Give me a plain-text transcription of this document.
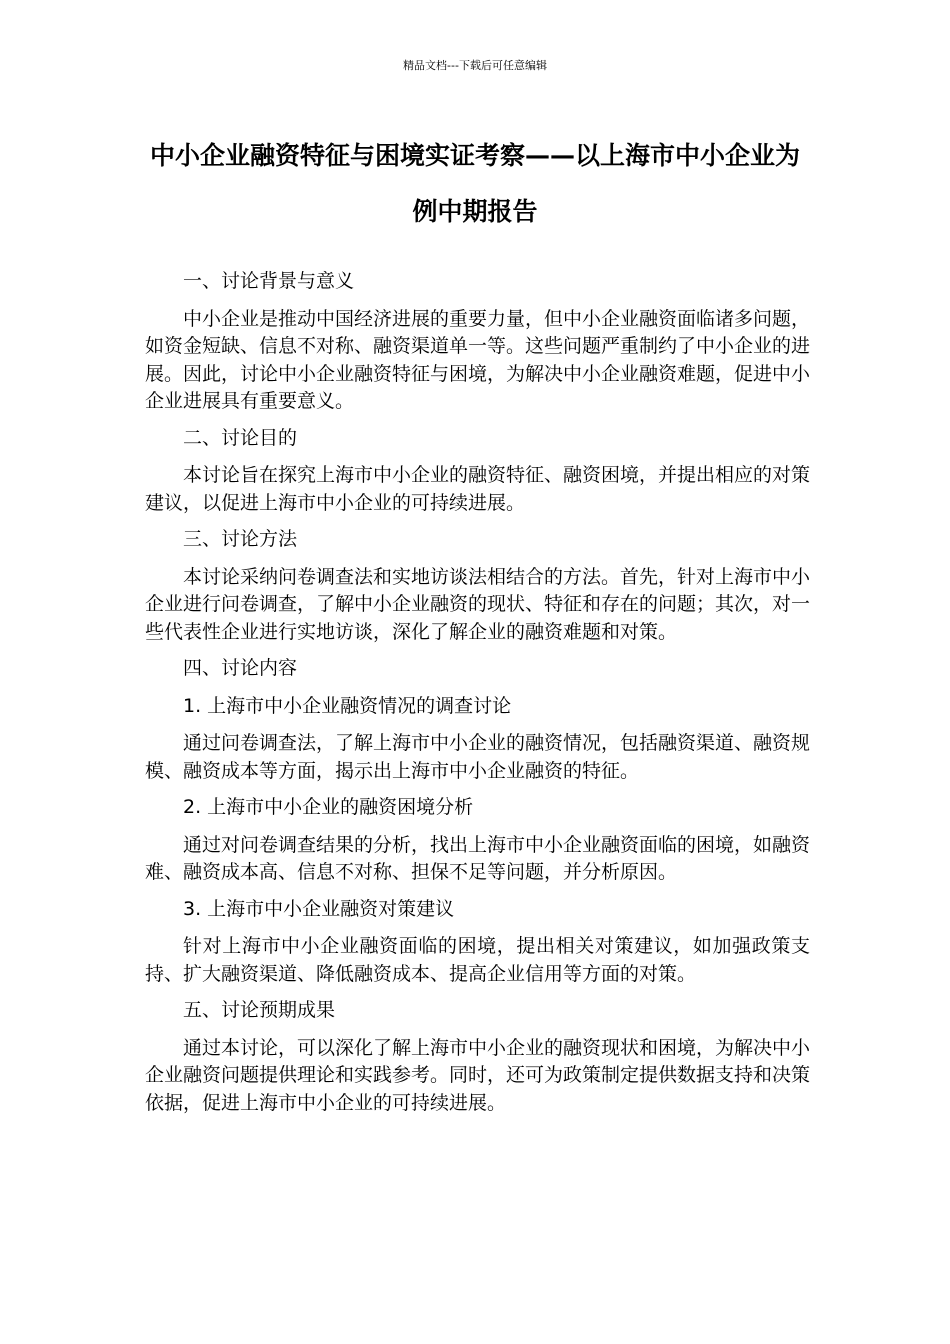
精品文档---下载后可任意编辑
中小企业融资特征与困境实证考察——以上海市中小企业为例中期报告

一、讨论背景与意义

中小企业是推动中国经济进展的重要力量，但中小企业融资面临诸多问题，如资金短缺、信息不对称、融资渠道单一等。这些问题严重制约了中小企业的进展。因此，讨论中小企业融资特征与困境，为解决中小企业融资难题，促进中小企业进展具有重要意义。

二、讨论目的

本讨论旨在探究上海市中小企业的融资特征、融资困境，并提出相应的对策建议，以促进上海市中小企业的可持续进展。

三、讨论方法

本讨论采纳问卷调查法和实地访谈法相结合的方法。首先，针对上海市中小企业进行问卷调查，了解中小企业融资的现状、特征和存在的问题；其次，对一些代表性企业进行实地访谈，深化了解企业的融资难题和对策。

四、讨论内容

1. 上海市中小企业融资情况的调查讨论

通过问卷调查法，了解上海市中小企业的融资情况，包括融资渠道、融资规模、融资成本等方面，揭示出上海市中小企业融资的特征。

2. 上海市中小企业的融资困境分析

通过对问卷调查结果的分析，找出上海市中小企业融资面临的困境，如融资难、融资成本高、信息不对称、担保不足等问题，并分析原因。

3. 上海市中小企业融资对策建议

针对上海市中小企业融资面临的困境，提出相关对策建议，如加强政策支持、扩大融资渠道、降低融资成本、提高企业信用等方面的对策。

五、讨论预期成果

通过本讨论，可以深化了解上海市中小企业的融资现状和困境，为解决中小企业融资问题提供理论和实践参考。同时，还可为政策制定提供数据支持和决策依据，促进上海市中小企业的可持续进展。
